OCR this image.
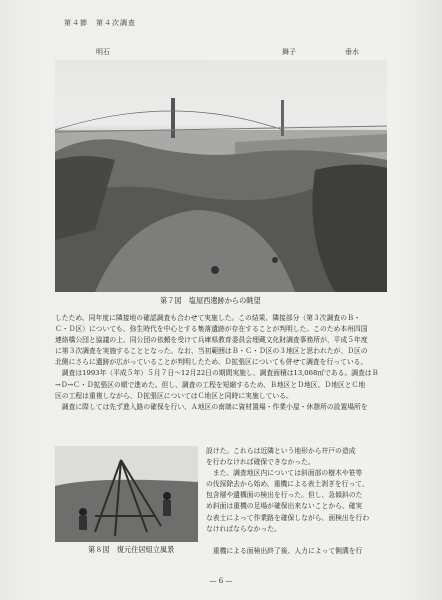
第４節　第４次調査
明石	舞子	垂水
第７図　塩屋西遺跡からの眺望
したため、同年度に隣接地の確認調査も合わせて実施した。この結果、隣接部分（第３次調査のＢ・
Ｃ・Ｄ区）についても、弥生時代を中心とする集落遺跡が存在することが判明した。このため本州四国
連絡橋公団と協議の上、同公団の依頼を受けて兵庫県教育委員会埋蔵文化財調査事務所が、平成５年度
に第３次調査を実施することとなった。なお、当初範囲はＢ・Ｃ・Ｄ区の３地区と思われたが、Ｄ区の
北側にさらに遺跡が広がっていることが判明したため、Ｄ拡張区についても併せて調査を行っている。
　調査は1993年（平成５年）５月７日〜12月22日の期間実施し、調査面積は13,068㎡である。調査はＢ
→Ｄ→Ｃ・Ｄ拡張区の順で進めた。但し、調査の工程を短縮するため、Ｂ地区とＤ地区、Ｄ地区とＣ地
区の工程は重複しながら、Ｄ拡張区についてはＣ地区と同時に実施している。
　調査に際しては先ず進入路の確保を行い、Ａ地区の南端に資材置場・作業小屋・休憩所の設置場所を
第８図　復元住居組立風景
設けた。これらは近隣という地形から井戸の造成
を行わなければ確保できなかった。
　また、調査地区内については斜面部の樹木や笹等
の伐採除去から始め、重機による表土剥ぎを行って、
包含層や遺構面の検出を行った。但し、急傾斜のた
め斜面は重機の足場が確保出来ないことから、確実
な表土によって作業路を確保しながら、面検出を行わ
なければならなかった。
　重機による面検出終了後、人力によって側溝を行
— 6 —
